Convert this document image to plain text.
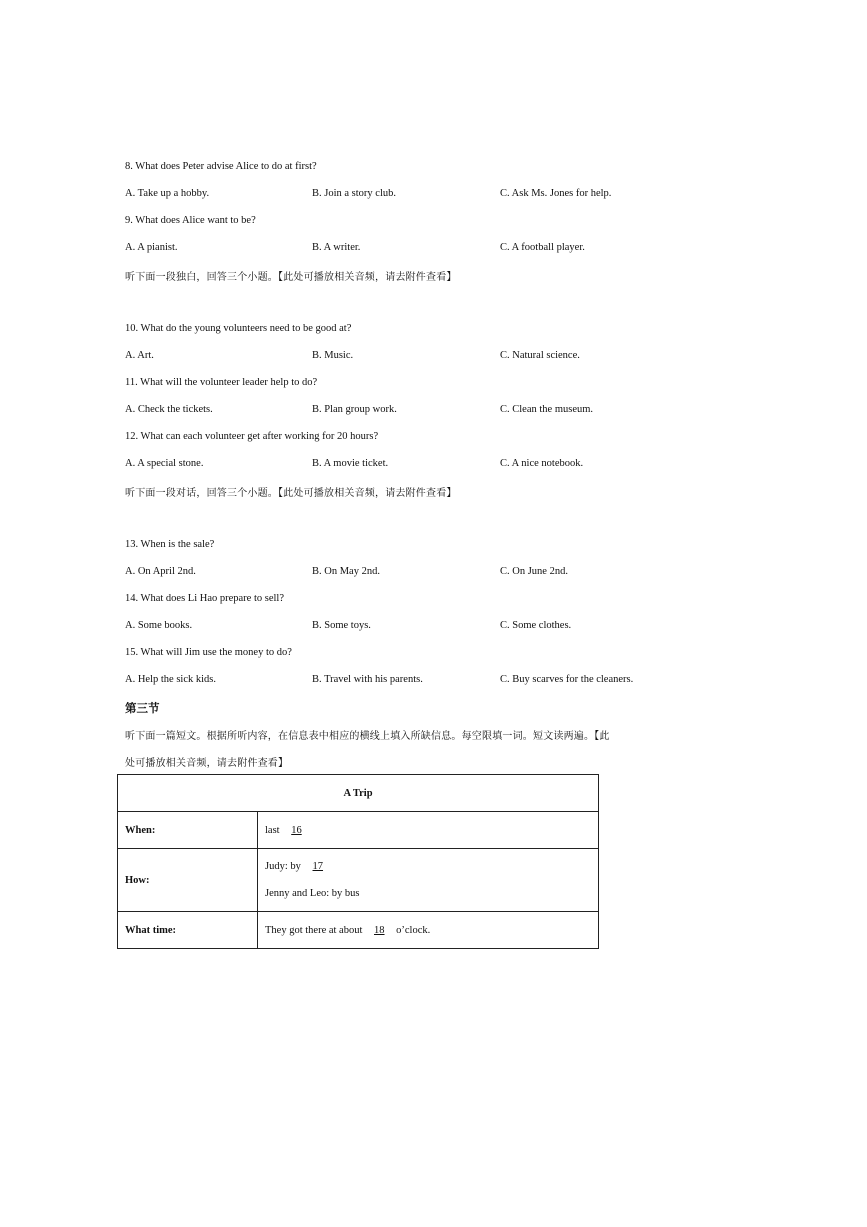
8. What does Peter advise Alice to do at first?
A. Take up a hobby.	B. Join a story club.	C. Ask Ms. Jones for help.
9. What does Alice want to be?
A. A pianist.	B. A writer.	C. A football player.
听下面一段独白，回答三个小题。【此处可播放相关音频，请去附件查看】
10. What do the young volunteers need to be good at?
A. Art.	B. Music.	C. Natural science.
11. What will the volunteer leader help to do?
A. Check the tickets.	B. Plan group work.	C. Clean the museum.
12. What can each volunteer get after working for 20 hours?
A. A special stone.	B. A movie ticket.	C. A nice notebook.
听下面一段对话，回答三个小题。【此处可播放相关音频，请去附件查看】
13. When is the sale?
A. On April 2nd.	B. On May 2nd.	C. On June 2nd.
14. What does Li Hao prepare to sell?
A. Some books.	B. Some toys.	C. Some clothes.
15. What will Jim use the money to do?
A. Help the sick kids.	B. Travel with his parents.	C. Buy scarves for the cleaners.
第三节
听下面一篇短文。根据所听内容，在信息表中相应的横线上填入所缺信息。每空限填一词。短文读两遍。【此
处可播放相关音频，请去附件查看】
A Trip	
When:	last 16
How:	Judy: by 17
Jenny and Leo: by bus

What time:	They got there at about 18 o’clock.
